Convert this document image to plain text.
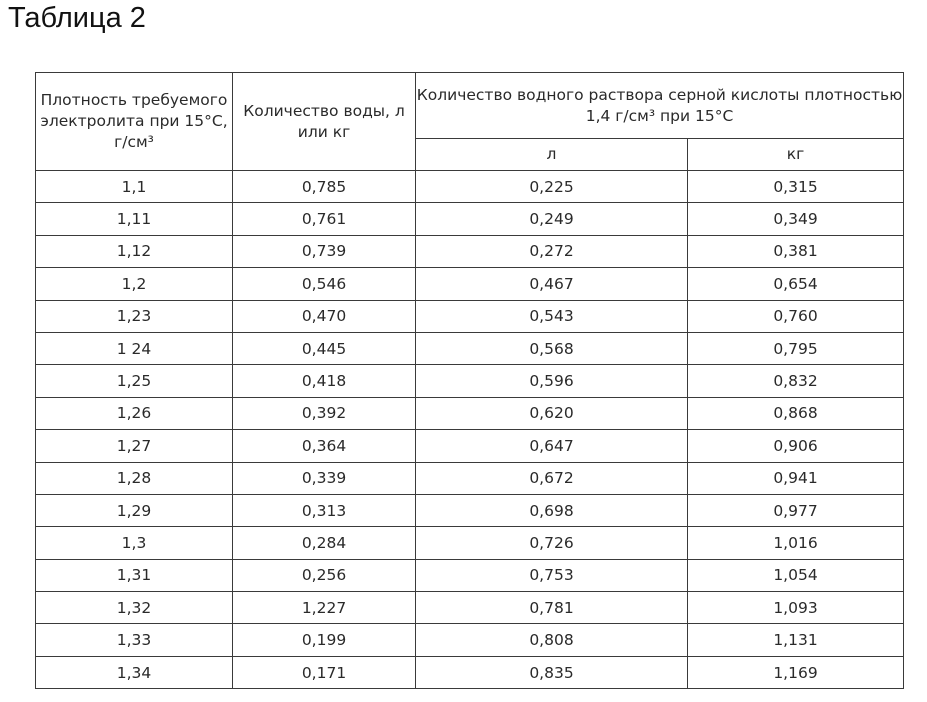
Таблица 2
Плотность требуемого электролита при 15°С, г/см³	Количество воды, л или кг	Количество водного раствора серной кислоты плотностью 1,4 г/см³ при 15°С	
		л	кг
1,1	0,785	0,225	0,315
1,11	0,761	0,249	0,349
1,12	0,739	0,272	0,381
1,2	0,546	0,467	0,654
1,23	0,470	0,543	0,760
1 24	0,445	0,568	0,795
1,25	0,418	0,596	0,832
1,26	0,392	0,620	0,868
1,27	0,364	0,647	0,906
1,28	0,339	0,672	0,941
1,29	0,313	0,698	0,977
1,3	0,284	0,726	1,016
1,31	0,256	0,753	1,054
1,32	1,227	0,781	1,093
1,33	0,199	0,808	1,131
1,34	0,171	0,835	1,169
